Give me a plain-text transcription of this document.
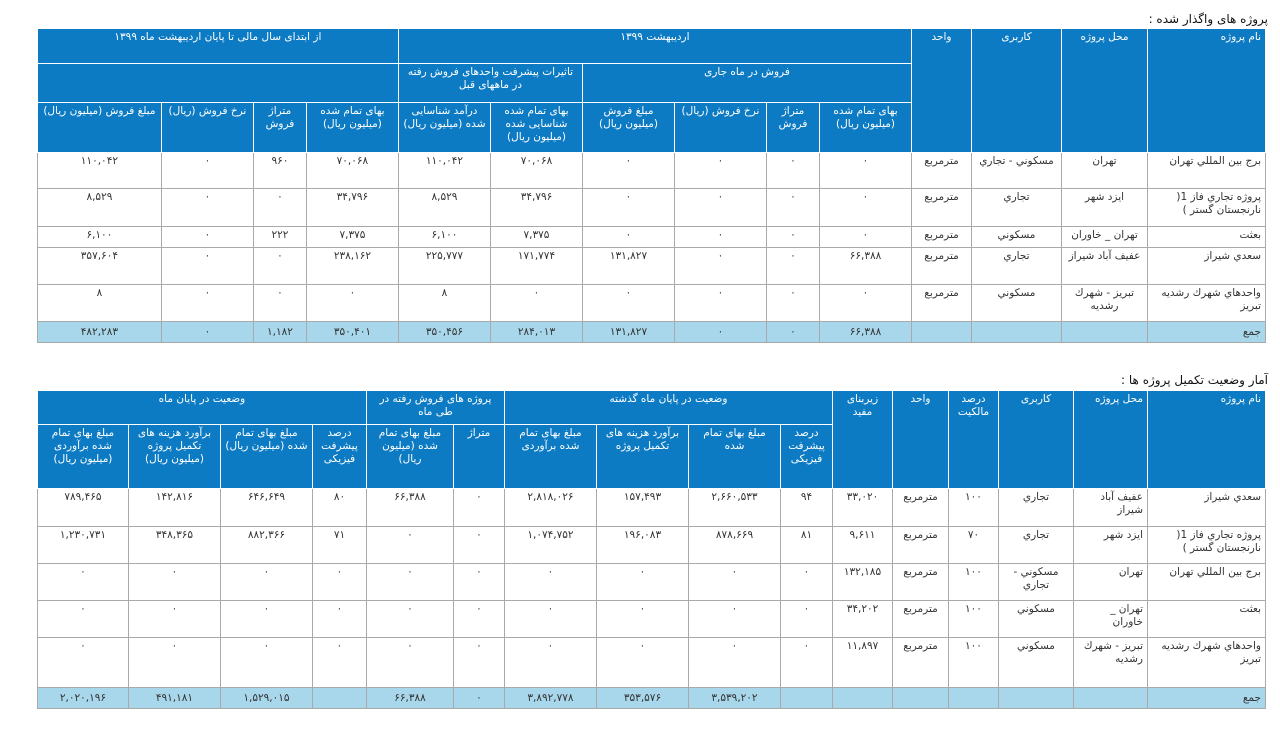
پروژه های واگذار شده :
نام پروژه	محل پروژه	کاربری	واحد	اردیبهشت ۱۳۹۹						از ابتدای سال مالی تا پایان اردیبهشت ماه ۱۳۹۹			
				فروش در ماه جاری				تاثیرات پیشرفت واحدهای فروش رفته در ماههای قبل					
				بهای تمام شده (میلیون ریال)	متراژ فروش	نرخ فروش (ریال)	مبلغ فروش (میلیون ریال)	بهای تمام شده شناسایی شده (میلیون ریال)	درآمد شناسایی شده (میلیون ریال)	بهای تمام شده (میلیون ریال)	متراژ فروش	نرخ فروش (ریال)	مبلغ فروش (میلیون ریال)
برج بين المللي تهران	تهران	مسكوني - تجاري	مترمربع	۰	۰	۰	۰	۷۰,۰۶۸	۱۱۰,۰۴۲	۷۰,۰۶۸	۹۶۰	۰	۱۱۰,۰۴۲
پروژه تجاري فاز 1( نارنجستان گستر )	ايزد شهر	تجاري	مترمربع	۰	۰	۰	۰	۳۴,۷۹۶	۸,۵۲۹	۳۴,۷۹۶	۰	۰	۸,۵۲۹
بعثت	تهران _ خاوران	مسكوني	مترمربع	۰	۰	۰	۰	۷,۳۷۵	۶,۱۰۰	۷,۳۷۵	۲۲۲	۰	۶,۱۰۰
سعدي شيراز	عفيف آباد شيراز	تجاري	مترمربع	۶۶,۳۸۸	۰	۰	۱۳۱,۸۲۷	۱۷۱,۷۷۴	۲۲۵,۷۷۷	۲۳۸,۱۶۲	۰	۰	۳۵۷,۶۰۴
واحدهاي شهرك رشديه تبريز	تبريز - شهرك رشديه	مسكوني	مترمربع	۰	۰	۰	۰	۰	۸	۰	۰	۰	۸
جمع				۶۶,۳۸۸	۰	۰	۱۳۱,۸۲۷	۲۸۴,۰۱۳	۳۵۰,۴۵۶	۳۵۰,۴۰۱	۱,۱۸۲	۰	۴۸۲,۲۸۳
آمار وضعیت تکمیل پروژه ها :
نام پروژه	محل پروژه	کاربری	درصد مالکیت	واحد	زیربنای مفید	وضعیت در پایان ماه گذشته				پروژه های فروش رفته در طی ماه		وضعیت در پایان ماه			
						درصد پیشرفت فیزیکی	مبلغ بهای تمام شده	برآورد هزینه های تکمیل پروژه	مبلغ بهای تمام شده برآوردی	متراژ	مبلغ بهای تمام شده (میلیون ریال)	درصد پیشرفت فیزیکی	مبلغ بهای تمام شده (میلیون ریال)	برآورد هزینه های تکمیل پروژه (میلیون ریال)	مبلغ بهای تمام شده برآوردی (میلیون ریال)
سعدي شيراز	عفيف آباد شيراز	تجاري	۱۰۰	مترمربع	۳۳,۰۲۰	۹۴	۲,۶۶۰,۵۳۳	۱۵۷,۴۹۳	۲,۸۱۸,۰۲۶	۰	۶۶,۳۸۸	۸۰	۶۴۶,۶۴۹	۱۴۲,۸۱۶	۷۸۹,۴۶۵
پروژه تجاري فاز 1( نارنجستان گستر )	ايزد شهر	تجاري	۷۰	مترمربع	۹,۶۱۱	۸۱	۸۷۸,۶۶۹	۱۹۶,۰۸۳	۱,۰۷۴,۷۵۲	۰	۰	۷۱	۸۸۲,۳۶۶	۳۴۸,۳۶۵	۱,۲۳۰,۷۳۱
برج بين المللي تهران	تهران	مسكوني - تجاري	۱۰۰	مترمربع	۱۳۲,۱۸۵	۰	۰	۰	۰	۰	۰	۰	۰	۰	۰
بعثت	تهران _ خاوران	مسكوني	۱۰۰	مترمربع	۳۴,۲۰۲	۰	۰	۰	۰	۰	۰	۰	۰	۰	۰
واحدهاي شهرك رشديه تبريز	تبريز - شهرك رشديه	مسكوني	۱۰۰	مترمربع	۱۱,۸۹۷	۰	۰	۰	۰	۰	۰	۰	۰	۰	۰
جمع							۳,۵۳۹,۲۰۲	۳۵۳,۵۷۶	۳,۸۹۲,۷۷۸	۰	۶۶,۳۸۸		۱,۵۲۹,۰۱۵	۴۹۱,۱۸۱	۲,۰۲۰,۱۹۶
